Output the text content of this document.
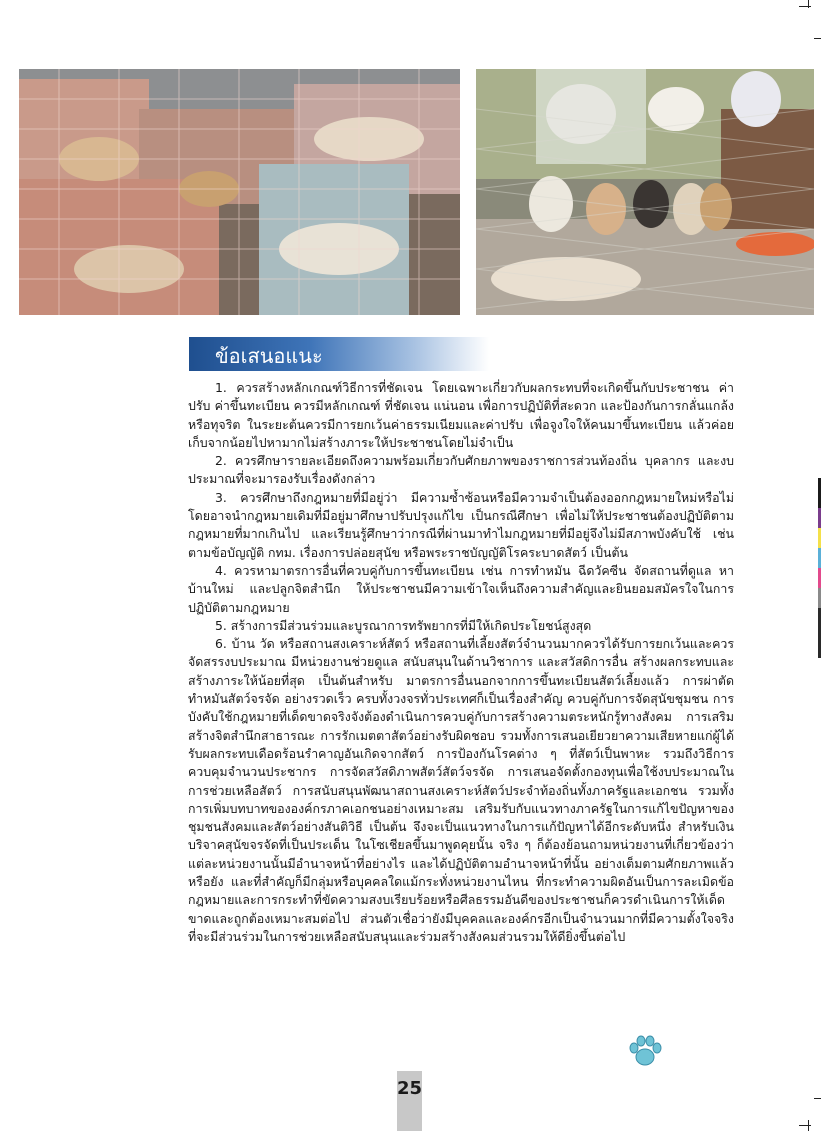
ข้อเสนอแนะ

1. ควรสร้างหลักเกณฑ์วิธีการที่ชัดเจน โดยเฉพาะเกี่ยวกับผลกระทบที่จะเกิดขึ้นกับประชาชน ค่าปรับ ค่าขึ้นทะเบียน ควรมีหลักเกณฑ์ ที่ชัดเจน แน่นอน เพื่อการปฏิบัติที่สะดวก และป้องกันการกลั่นแกล้งหรือทุจริต ในระยะต้นควรมีการยกเว้นค่าธรรมเนียมและค่าปรับ เพื่อจูงใจให้คนมาขึ้นทะเบียน แล้วค่อยเก็บจากน้อยไปหามากไม่สร้างภาระให้ประชาชนโดยไม่จำเป็น

2. ควรศึกษารายละเอียดถึงความพร้อมเกี่ยวกับศักยภาพของราชการส่วนท้องถิ่น บุคลากร และงบประมาณที่จะมารองรับเรื่องดังกล่าว

3. ควรศึกษาถึงกฎหมายที่มีอยู่ว่า มีความซ้ำซ้อนหรือมีความจำเป็นต้องออกกฎหมายใหม่หรือไม่ โดยอาจนำกฎหมายเดิมที่มีอยู่มาศึกษาปรับปรุงแก้ไข เป็นกรณีศึกษา เพื่อไม่ให้ประชาชนต้องปฏิบัติตามกฎหมายที่มากเกินไป และเรียนรู้ศึกษาว่ากรณีที่ผ่านมาทำไมกฎหมายที่มีอยู่จึงไม่มีสภาพบังคับใช้ เช่น ตามข้อบัญญัติ กทม. เรื่องการปล่อยสุนัข หรือพระราชบัญญัติโรคระบาดสัตว์ เป็นต้น

4. ควรหามาตรการอื่นที่ควบคู่กับการขึ้นทะเบียน เช่น การทำหมัน ฉีดวัคซีน จัดสถานที่ดูแล หาบ้านใหม่ และปลูกจิตสำนึก ให้ประชาชนมีความเข้าใจเห็นถึงความสำคัญและยินยอมสมัครใจในการปฏิบัติตามกฎหมาย

5. สร้างการมีส่วนร่วมและบูรณาการทรัพยากรที่มีให้เกิดประโยชน์สูงสุด

6. บ้าน วัด หรือสถานสงเคราะห์สัตว์ หรือสถานที่เลี้ยงสัตว์จำนวนมากควรได้รับการยกเว้นและควรจัดสรรงบประมาณ มีหน่วยงานช่วยดูแล สนับสนุนในด้านวิชาการ และสวัสดิการอื่น สร้างผลกระทบและสร้างภาระให้น้อยที่สุด เป็นต้นสำหรับ มาตรการอื่นนอกจากการขึ้นทะเบียนสัตว์เลี้ยงแล้ว การผ่าตัดทำหมันสัตว์จรจัด อย่างรวดเร็ว ครบทั้งวงจรทั่วประเทศก็เป็นเรื่องสำคัญ ควบคู่กับการจัดสุนัขชุมชน การบังคับใช้กฎหมายที่เด็ดขาดจริงจังต้องดำเนินการควบคู่กับการสร้างความตระหนักรู้ทางสังคม การเสริมสร้างจิตสำนึกสาธารณะ การรักเมตตาสัตว์อย่างรับผิดชอบ รวมทั้งการเสนอเยียวยาความเสียหายแก่ผู้ได้รับผลกระทบเดือดร้อนรำคาญอันเกิดจากสัตว์ การป้องกันโรคต่าง ๆ ที่สัตว์เป็นพาหะ รวมถึงวิธีการควบคุมจำนวนประชากร การจัดสวัสดิภาพสัตว์สัตว์จรจัด การเสนอจัดตั้งกองทุนเพื่อใช้งบประมาณในการช่วยเหลือสัตว์ การสนับสนุนพัฒนาสถานสงเคราะห์สัตว์ประจำท้องถิ่นทั้งภาครัฐและเอกชน รวมทั้งการเพิ่มบทบาทขององค์กรภาคเอกชนอย่างเหมาะสม เสริมรับกับแนวทางภาครัฐในการแก้ไขปัญหาของชุมชนสังคมและสัตว์อย่างสันติวิธี เป็นต้น จึงจะเป็นแนวทางในการแก้ปัญหาได้อีกระดับหนึ่ง สำหรับเงินบริจาคสุนัขจรจัดที่เป็นประเด็น ในโซเชียลขึ้นมาพูดคุยนั้น จริง ๆ ก็ต้องย้อนถามหน่วยงานที่เกี่ยวข้องว่า แต่ละหน่วยงานนั้นมีอำนาจหน้าที่อย่างไร และได้ปฏิบัติตามอำนาจหน้าที่นั้น อย่างเต็มตามศักยภาพแล้วหรือยัง และที่สำคัญก็มีกลุ่มหรือบุคคลใดแม้กระทั่งหน่วยงานไหน ที่กระทำความผิดอันเป็นการละเมิดข้อกฎหมายและการกระทำที่ขัดความสงบเรียบร้อยหรือศีลธรรมอันดีของประชาชนก็ควรดำเนินการให้เด็ดขาดและถูกต้องเหมาะสมต่อไป ส่วนตัวเชื่อว่ายังมีบุคคลและองค์กรอีกเป็นจำนวนมากที่มีความตั้งใจจริงที่จะมีส่วนร่วมในการช่วยเหลือสนับสนุนและร่วมสร้างสังคมส่วนรวมให้ดียิ่งขึ้นต่อไป

25
